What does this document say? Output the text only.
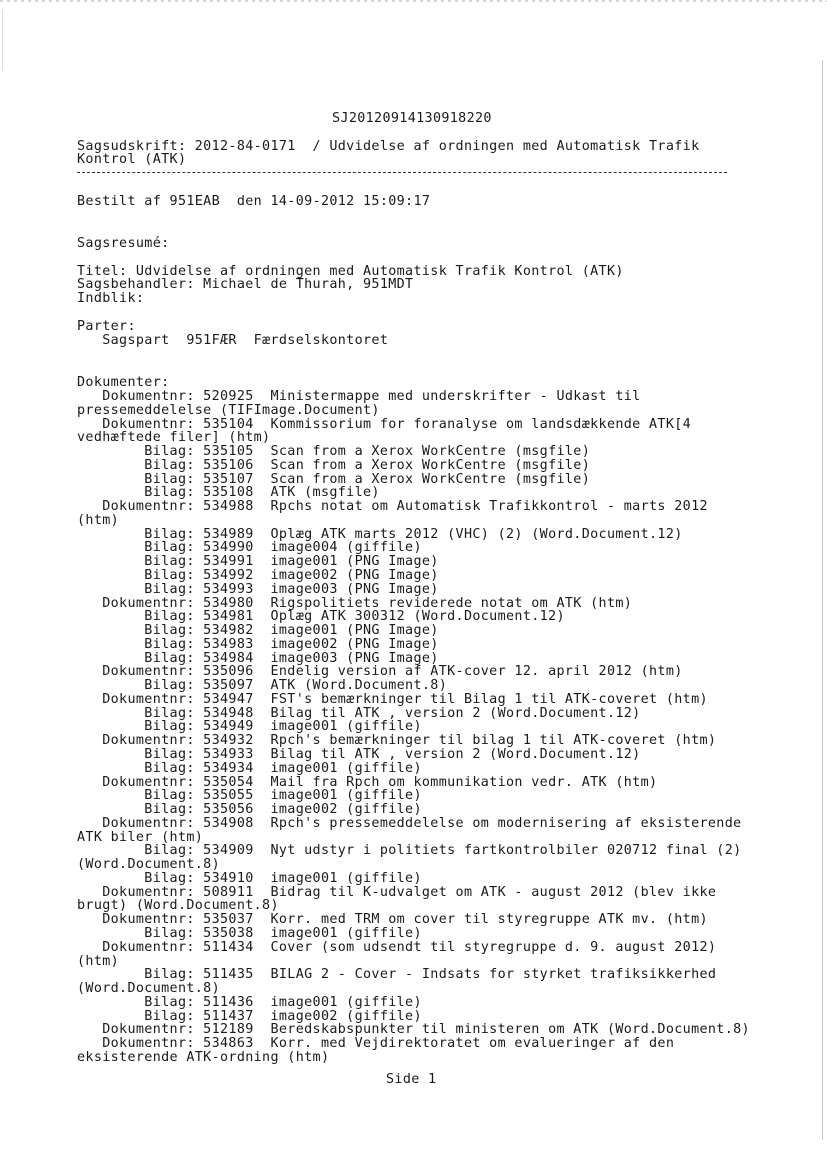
SJ20120914130918220
Sagsudskrift: 2012-84-0171  / Udvidelse af ordningen med Automatisk Trafik
Kontrol (ATK)
Bestilt af 951EAB  den 14-09-2012 15:09:17
Sagsresumé:
Titel: Udvidelse af ordningen med Automatisk Trafik Kontrol (ATK)
Sagsbehandler: Michael de Thurah, 951MDT
Indblik:
Parter:
Sagspart  951FÆR  Færdselskontoret
Dokumenter:
Dokumentnr: 520925  Ministermappe med underskrifter - Udkast til
pressemeddelelse (TIFImage.Document)
Dokumentnr: 535104  Kommissorium for foranalyse om landsdækkende ATK[4
vedhæftede filer] (htm)
Bilag: 535105  Scan from a Xerox WorkCentre (msgfile)
Bilag: 535106  Scan from a Xerox WorkCentre (msgfile)
Bilag: 535107  Scan from a Xerox WorkCentre (msgfile)
Bilag: 535108  ATK (msgfile)
Dokumentnr: 534988  Rpchs notat om Automatisk Trafikkontrol - marts 2012
(htm)
Bilag: 534989  Oplæg ATK marts 2012 (VHC) (2) (Word.Document.12)
Bilag: 534990  image004 (giffile)
Bilag: 534991  image001 (PNG Image)
Bilag: 534992  image002 (PNG Image)
Bilag: 534993  image003 (PNG Image)
Dokumentnr: 534980  Rigspolitiets reviderede notat om ATK (htm)
Bilag: 534981  Oplæg ATK 300312 (Word.Document.12)
Bilag: 534982  image001 (PNG Image)
Bilag: 534983  image002 (PNG Image)
Bilag: 534984  image003 (PNG Image)
Dokumentnr: 535096  Endelig version af ATK-cover 12. april 2012 (htm)
Bilag: 535097  ATK (Word.Document.8)
Dokumentnr: 534947  FST's bemærkninger til Bilag 1 til ATK-coveret (htm)
Bilag: 534948  Bilag til ATK , version 2 (Word.Document.12)
Bilag: 534949  image001 (giffile)
Dokumentnr: 534932  Rpch's bemærkninger til bilag 1 til ATK-coveret (htm)
Bilag: 534933  Bilag til ATK , version 2 (Word.Document.12)
Bilag: 534934  image001 (giffile)
Dokumentnr: 535054  Mail fra Rpch om kommunikation vedr. ATK (htm)
Bilag: 535055  image001 (giffile)
Bilag: 535056  image002 (giffile)
Dokumentnr: 534908  Rpch's pressemeddelelse om modernisering af eksisterende
ATK biler (htm)
Bilag: 534909  Nyt udstyr i politiets fartkontrolbiler 020712 final (2)
(Word.Document.8)
Bilag: 534910  image001 (giffile)
Dokumentnr: 508911  Bidrag til K-udvalget om ATK - august 2012 (blev ikke
brugt) (Word.Document.8)
Dokumentnr: 535037  Korr. med TRM om cover til styregruppe ATK mv. (htm)
Bilag: 535038  image001 (giffile)
Dokumentnr: 511434  Cover (som udsendt til styregruppe d. 9. august 2012)
(htm)
Bilag: 511435  BILAG 2 - Cover - Indsats for styrket trafiksikkerhed
(Word.Document.8)
Bilag: 511436  image001 (giffile)
Bilag: 511437  image002 (giffile)
Dokumentnr: 512189  Beredskabspunkter til ministeren om ATK (Word.Document.8)
Dokumentnr: 534863  Korr. med Vejdirektoratet om evalueringer af den
eksisterende ATK-ordning (htm)
Side 1
